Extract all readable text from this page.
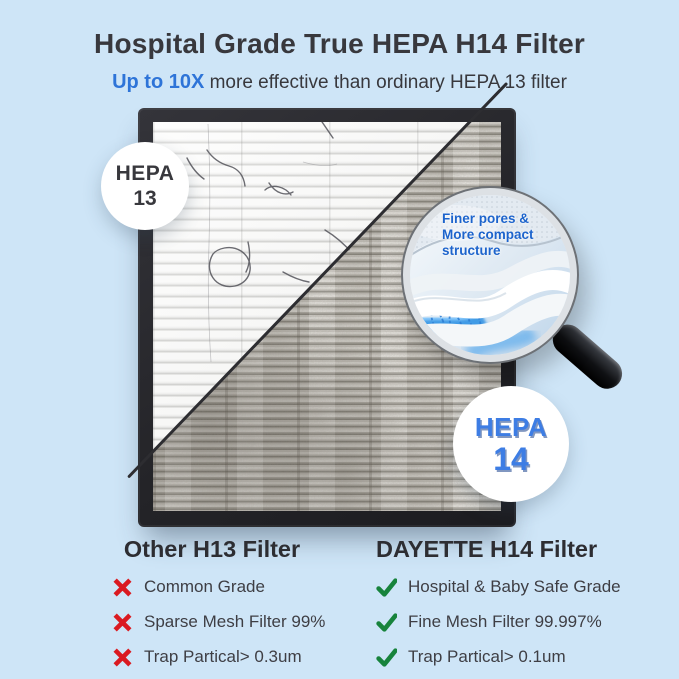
Hospital Grade True HEPA H14 Filter
Up to 10X more effective than ordinary HEPA 13 filter
HEPA
13
Finer pores &
More compact
structure
HEPA
14
Other H13 Filter
Common Grade
Sparse Mesh Filter 99%
Trap Partical> 0.3um
DAYETTE H14 Filter
Hospital & Baby Safe Grade
Fine Mesh Filter 99.997%
Trap Partical> 0.1um
